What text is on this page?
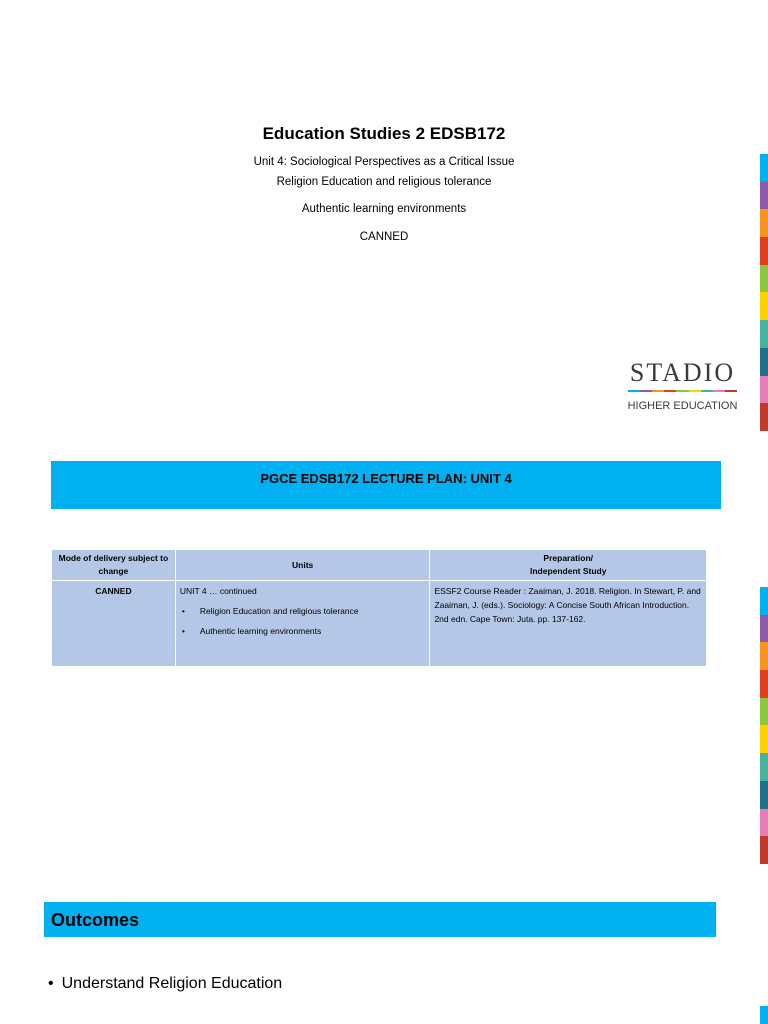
Education Studies 2 EDSB172
Unit 4: Sociological Perspectives as a Critical Issue
Religion Education and religious tolerance
Authentic learning environments
CANNED
STADIO
HIGHER EDUCATION
PGCE EDSB172 LECTURE PLAN: UNIT 4
Mode of delivery subject to change	Units	Preparation/
Independent Study

CANNED	UNIT 4 … continued
• Religion Education and religious tolerance
• Authentic learning environments	ESSF2 Course Reader : Zaaiman, J. 2018. Religion. In Stewart, P. and Zaaiman, J. (eds.). Sociology: A Concise South African Introduction. 2nd edn. Cape Town: Juta. pp. 137-162.
Outcomes
• Understand Religion Education
